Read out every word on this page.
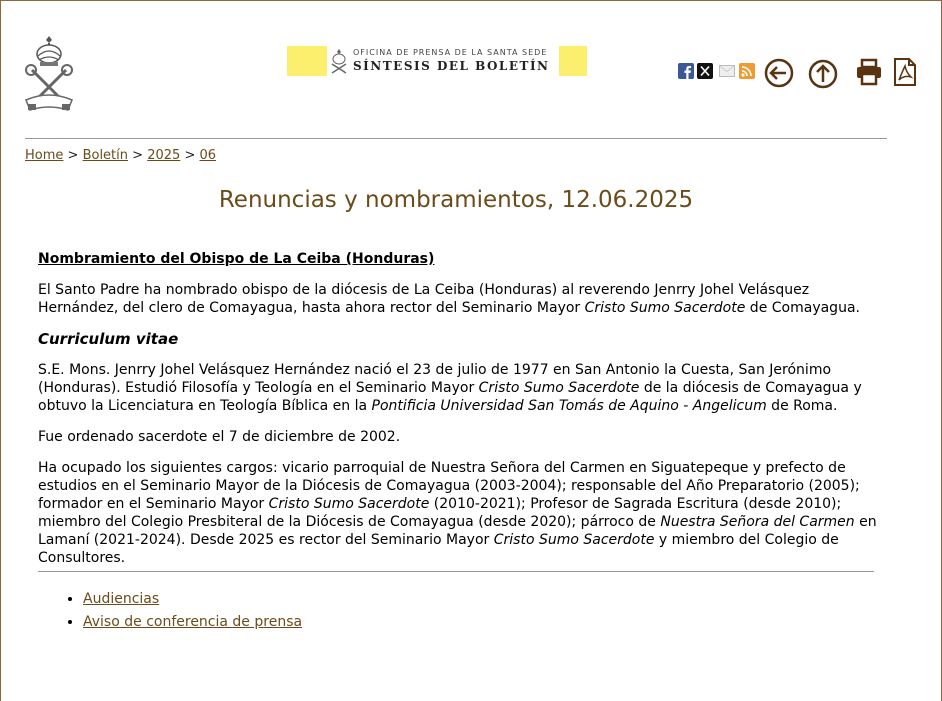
OFICINA DE PRENSA DE LA SANTA SEDE
SÍNTESIS DEL BOLETÍN
Home > Boletín > 2025 > 06
Renuncias y nombramientos, 12.06.2025

Nombramiento del Obispo de La Ceiba (Honduras)

El Santo Padre ha nombrado obispo de la diócesis de La Ceiba (Honduras) al reverendo Jenrry Johel Velásquez Hernández, del clero de Comayagua, hasta ahora rector del Seminario Mayor Cristo Sumo Sacerdote de Comayagua.

Curriculum vitae

S.E. Mons. Jenrry Johel Velásquez Hernández nació el 23 de julio de 1977 en San Antonio la Cuesta, San Jerónimo (Honduras). Estudió Filosofía y Teología en el Seminario Mayor Cristo Sumo Sacerdote de la diócesis de Comayagua y obtuvo la Licenciatura en Teología Bíblica en la Pontificia Universidad San Tomás de Aquino - Angelicum de Roma.

Fue ordenado sacerdote el 7 de diciembre de 2002.

Ha ocupado los siguientes cargos: vicario parroquial de Nuestra Señora del Carmen en Siguatepeque y prefecto de estudios en el Seminario Mayor de la Diócesis de Comayagua (2003-2004); responsable del Año Preparatorio (2005); formador en el Seminario Mayor Cristo Sumo Sacerdote (2010-2021); Profesor de Sagrada Escritura (desde 2010); miembro del Colegio Presbiteral de la Diócesis de Comayagua (desde 2020); párroco de Nuestra Señora del Carmen en Lamaní (2021-2024). Desde 2025 es rector del Seminario Mayor Cristo Sumo Sacerdote y miembro del Colegio de Consultores.

• Audiencias
• Aviso de conferencia de prensa
